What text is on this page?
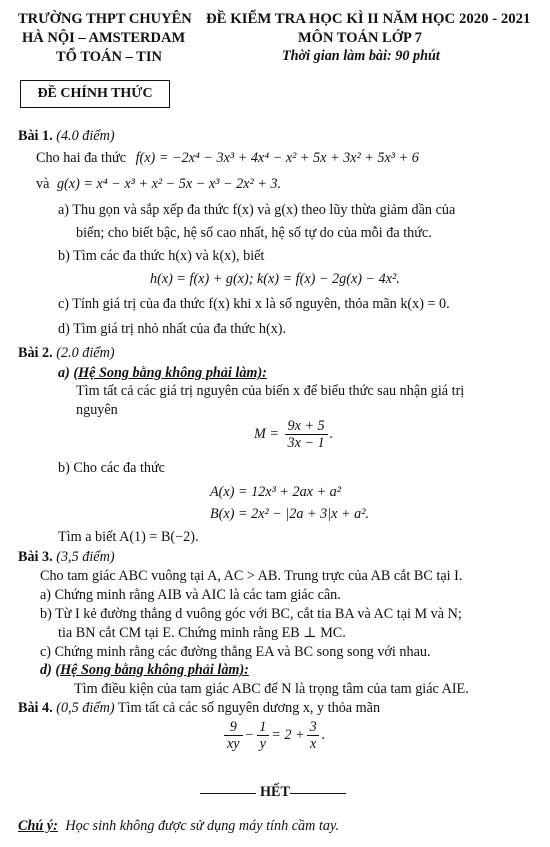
TRƯỜNG THPT CHUYÊN
HÀ NỘI – AMSTERDAM
TỔ TOÁN – TIN
ĐỀ KIỂM TRA HỌC KÌ II NĂM HỌC 2020 - 2021
MÔN TOÁN LỚP 7
Thời gian làm bài: 90 phút
ĐỀ CHÍNH THỨC
Bài 1. (4.0 điểm)
Cho hai đa thức f(x) = −2x⁴ − 3x³ + 4x⁴ − x² + 5x + 3x² + 5x³ + 6
và g(x) = x⁴ − x³ + x² − 5x − x³ − 2x² + 3.
a) Thu gọn và sắp xếp đa thức f(x) và g(x) theo lũy thừa giảm dần của
biến; cho biết bậc, hệ số cao nhất, hệ số tự do của mỗi đa thức.
b) Tìm các đa thức h(x) và k(x), biết
h(x) = f(x) + g(x); k(x) = f(x) − 2g(x) − 4x².
c) Tính giá trị của đa thức f(x) khi x là số nguyên, thỏa mãn k(x) = 0.
d) Tìm giá trị nhỏ nhất của đa thức h(x).
Bài 2. (2.0 điểm)
a) (Hệ Song bằng không phải làm):
Tìm tất cả các giá trị nguyên của biến x để biểu thức sau nhận giá trị
nguyên
$M = \frac{9x + 5}{3x - 1}$ .
b) Cho các đa thức
A(x) = 12x³ + 2ax + a²
B(x) = 2x² − |2a + 3|x + a².
Tìm a biết A(1) = B(−2).
Bài 3. (3,5 điểm)
Cho tam giác ABC vuông tại A, AC > AB. Trung trực của AB cắt BC tại I.
a) Chứng minh rằng AIB và AIC là các tam giác cân.
b) Từ I kẻ đường thẳng d vuông góc với BC, cắt tia BA và AC tại M và N;
tia BN cắt CM tại E. Chứng minh rằng EB ⊥ MC.
c) Chứng minh rằng các đường thẳng EA và BC song song với nhau.
d) (Hệ Song bằng không phải làm):
Tìm điều kiện của tam giác ABC để N là trọng tâm của tam giác AIE.
Bài 4. (0,5 điểm) Tìm tất cả các số nguyên dương x, y thỏa mãn
$\frac{9}{xy} - \frac{1}{y} = 2 + \frac{3}{x}$ .
HẾT
Chú ý: Học sinh không được sử dụng máy tính cầm tay.
